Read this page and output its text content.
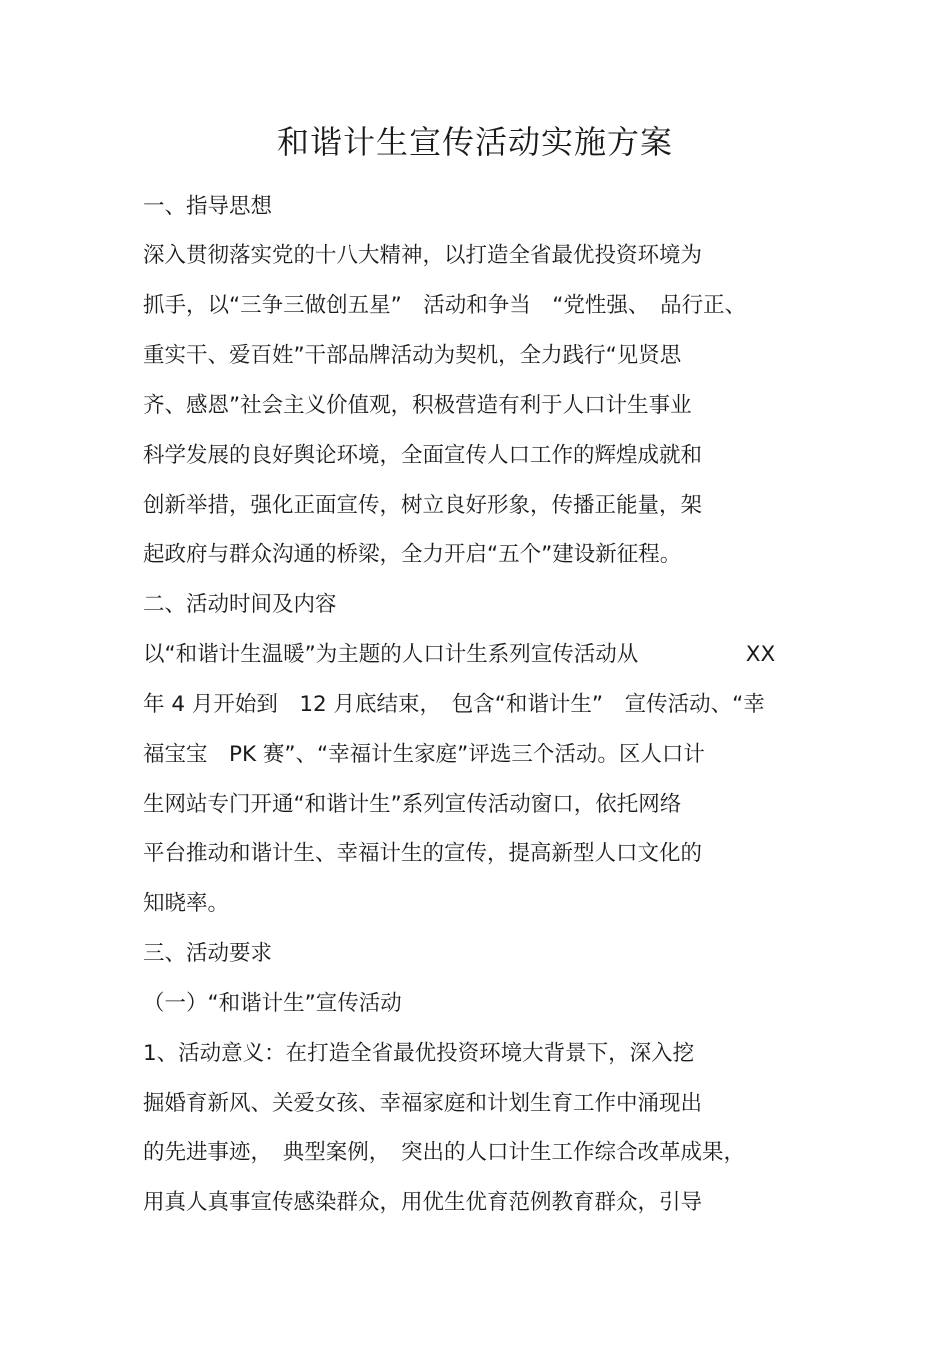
和谐计生宣传活动实施方案

一、指导思想

深入贯彻落实党的十八大精神，以打造全省最优投资环境为

抓手，以“三争三做创五星”　活动和争当　“党性强、　品行正、

重实干、爱百姓”干部品牌活动为契机，全力践行“见贤思

齐、感恩”社会主义价值观，积极营造有利于人口计生事业

科学发展的良好舆论环境，全面宣传人口工作的辉煌成就和

创新举措，强化正面宣传，树立良好形象，传播正能量，架

起政府与群众沟通的桥梁，全力开启“五个”建设新征程。

二、活动时间及内容

以“和谐计生温暖”为主题的人口计生系列宣传活动从　　　　　XX

年 4 月开始到　12 月底结束，　包含“和谐计生”　宣传活动、“幸

福宝宝　PK 赛”、“幸福计生家庭”评选三个活动。区人口计

生网站专门开通“和谐计生”系列宣传活动窗口，依托网络

平台推动和谐计生、幸福计生的宣传，提高新型人口文化的

知晓率。

三、活动要求

（一）“和谐计生”宣传活动

1、活动意义：在打造全省最优投资环境大背景下，深入挖

掘婚育新风、关爱女孩、幸福家庭和计划生育工作中涌现出

的先进事迹，　典型案例，　突出的人口计生工作综合改革成果，

用真人真事宣传感染群众，用优生优育范例教育群众，引导
